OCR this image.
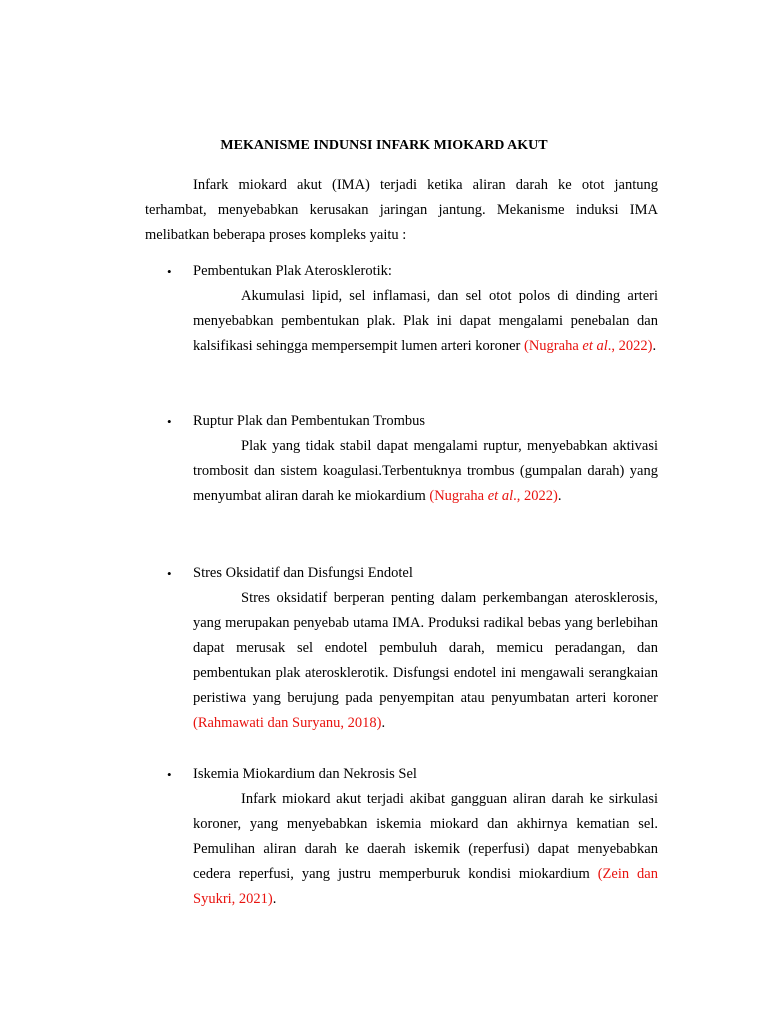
MEKANISME INDUNSI INFARK MIOKARD AKUT

Infark miokard akut (IMA) terjadi ketika aliran darah ke otot jantung terhambat, menyebabkan kerusakan jaringan jantung. Mekanisme induksi IMA melibatkan beberapa proses kompleks yaitu :

• Pembentukan Plak Aterosklerotik:

Akumulasi lipid, sel inflamasi, dan sel otot polos di dinding arteri menyebabkan pembentukan plak. Plak ini dapat mengalami penebalan dan kalsifikasi sehingga mempersempit lumen arteri koroner (Nugraha et al., 2022).

• Ruptur Plak dan Pembentukan Trombus

Plak yang tidak stabil dapat mengalami ruptur, menyebabkan aktivasi trombosit dan sistem koagulasi.Terbentuknya trombus (gumpalan darah) yang menyumbat aliran darah ke miokardium (Nugraha et al., 2022).

• Stres Oksidatif dan Disfungsi Endotel

Stres oksidatif berperan penting dalam perkembangan aterosklerosis, yang merupakan penyebab utama IMA. Produksi radikal bebas yang berlebihan dapat merusak sel endotel pembuluh darah, memicu peradangan, dan pembentukan plak aterosklerotik. Disfungsi endotel ini mengawali serangkaian peristiwa yang berujung pada penyempitan atau penyumbatan arteri koroner (Rahmawati dan Suryanu, 2018).

• Iskemia Miokardium dan Nekrosis Sel

Infark miokard akut terjadi akibat gangguan aliran darah ke sirkulasi koroner, yang menyebabkan iskemia miokard dan akhirnya kematian sel. Pemulihan aliran darah ke daerah iskemik (reperfusi) dapat menyebabkan cedera reperfusi, yang justru memperburuk kondisi miokardium (Zein dan Syukri, 2021).
